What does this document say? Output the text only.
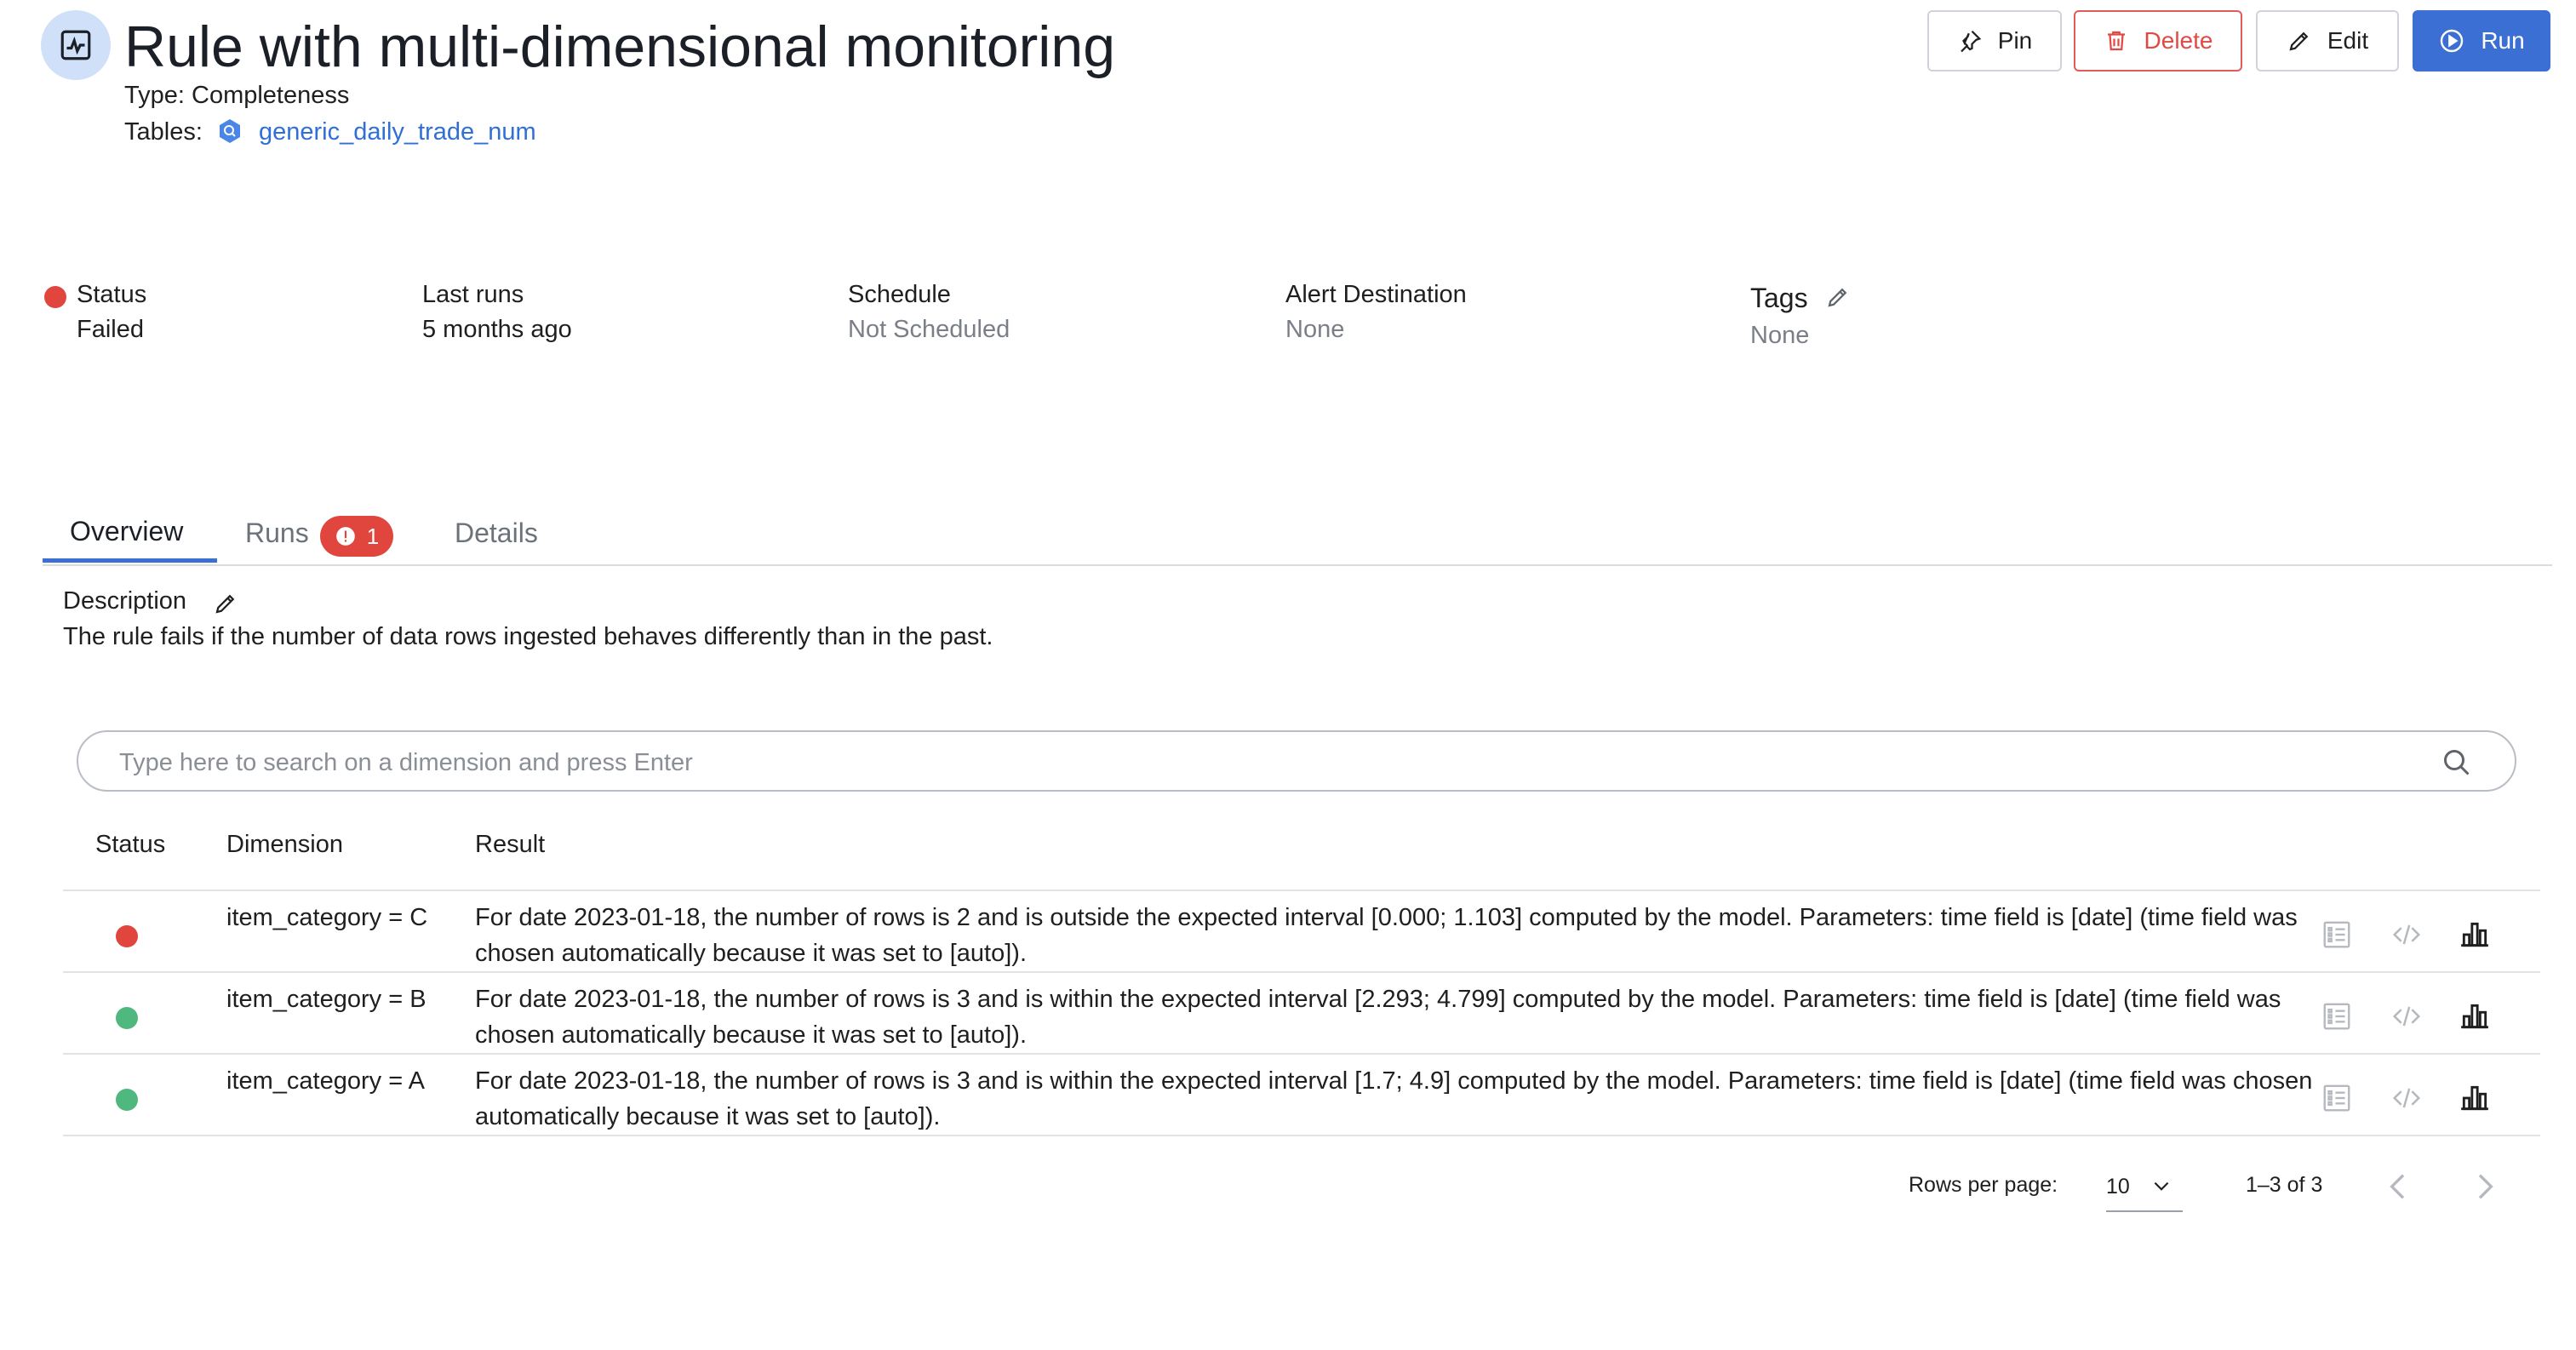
Rule with multi-dimensional monitoring
Type: Completeness
Tables: generic_daily_trade_num
Pin	Delete	Edit	Run
Status
Failed
Last runs
5 months ago
Schedule
Not Scheduled
Alert Destination
None
Tags
None
Overview Runs	1	Details
Description
The rule fails if the number of data rows ingested behaves differently than in the past.
Type here to search on a dimension and press Enter
Status Dimension	Result
item_category = C	For date 2023-01-18, the number of rows is 2 and is outside the expected interval [0.000; 1.103] computed by the model. Parameters: time field is [date] (time field was chosen automatically because it was set to [auto]).
item_category = B	For date 2023-01-18, the number of rows is 3 and is within the expected interval [2.293; 4.799] computed by the model. Parameters: time field is [date] (time field was chosen automatically because it was set to [auto]).
item_category = A	For date 2023-01-18, the number of rows is 3 and is within the expected interval [1.7; 4.9] computed by the model. Parameters: time field is [date] (time field was chosen automatically because it was set to [auto]).
Rows per page: 10	1–3 of 3
